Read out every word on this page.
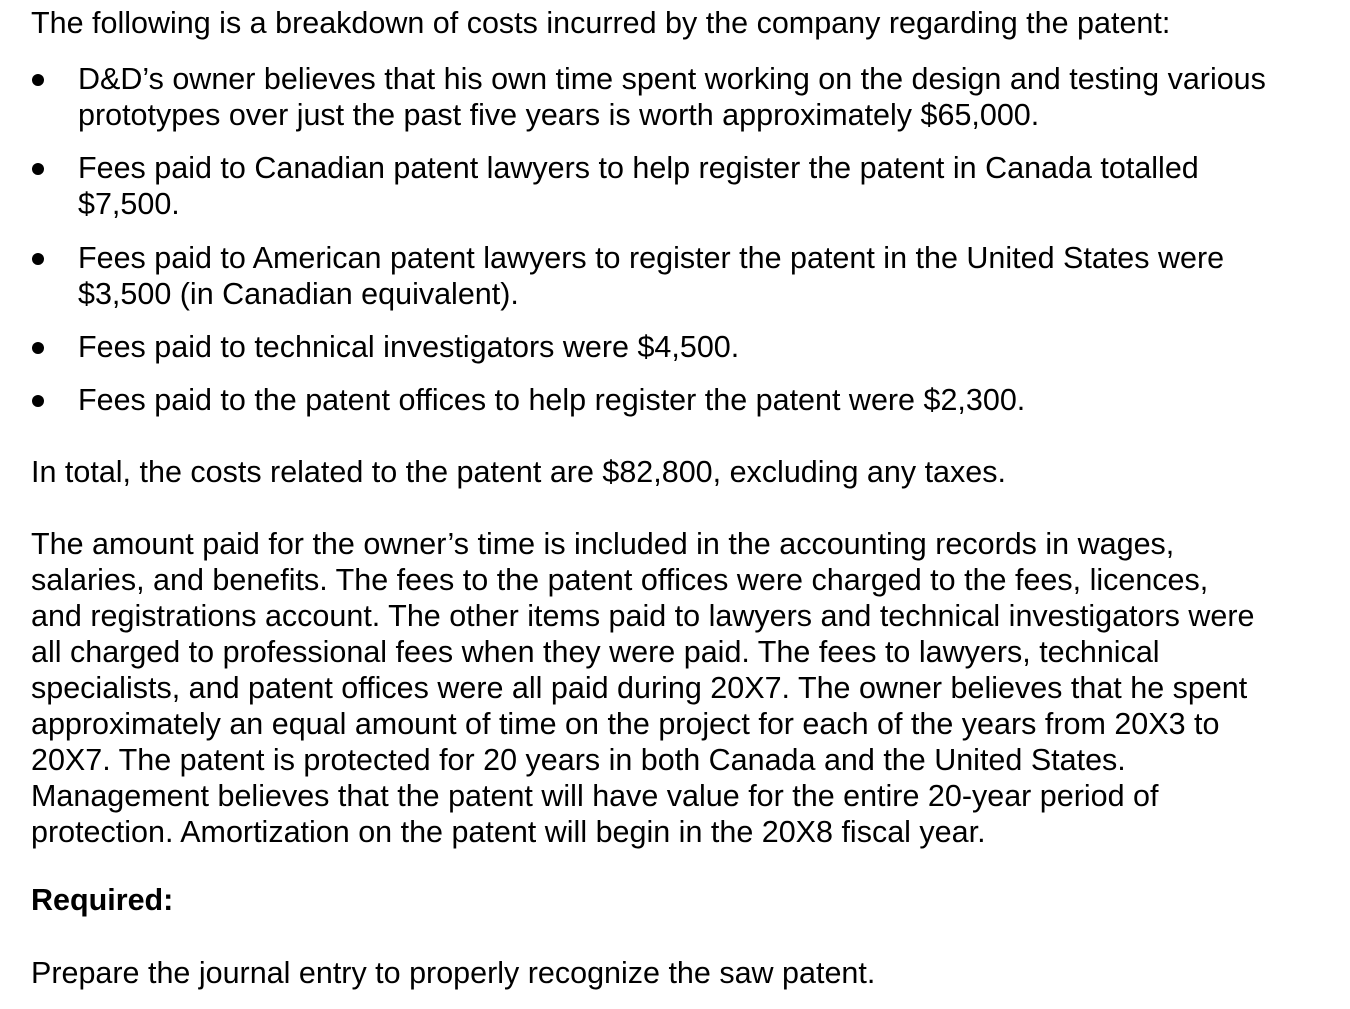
The following is a breakdown of costs incurred by the company regarding the patent:
D&D’s owner believes that his own time spent working on the design and testing various
prototypes over just the past five years is worth approximately $65,000.
Fees paid to Canadian patent lawyers to help register the patent in Canada totalled
$7,500.
Fees paid to American patent lawyers to register the patent in the United States were
$3,500 (in Canadian equivalent).
Fees paid to technical investigators were $4,500.
Fees paid to the patent offices to help register the patent were $2,300.
In total, the costs related to the patent are $82,800, excluding any taxes.
The amount paid for the owner’s time is included in the accounting records in wages,
salaries, and benefits. The fees to the patent offices were charged to the fees, licences,
and registrations account. The other items paid to lawyers and technical investigators were
all charged to professional fees when they were paid. The fees to lawyers, technical
specialists, and patent offices were all paid during 20X7. The owner believes that he spent
approximately an equal amount of time on the project for each of the years from 20X3 to
20X7. The patent is protected for 20 years in both Canada and the United States.
Management believes that the patent will have value for the entire 20-year period of
protection. Amortization on the patent will begin in the 20X8 fiscal year.
Required:
Prepare the journal entry to properly recognize the saw patent.
